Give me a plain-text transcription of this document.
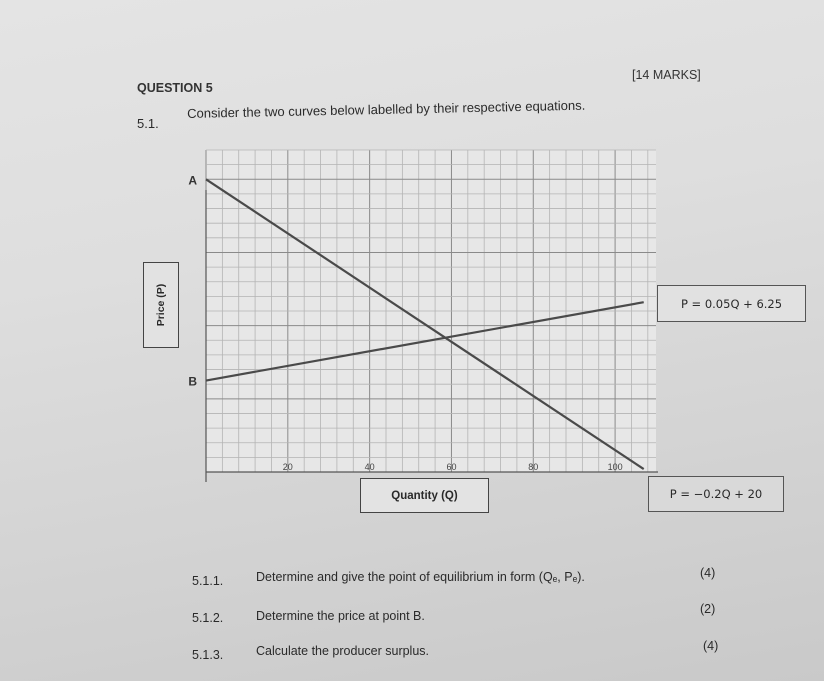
QUESTION 5
[14 MARKS]
5.1.
Consider the two curves below labelled by their respective equations.
20	40	60	80	100
A
B
Price (P)
Quantity (Q)
P = 0.05Q + 6.25
P = −0.2Q + 20
5.1.1.	Determine and give the point of equilibrium in form (Qₑ, Pₑ).	(4)
5.1.2.	Determine the price at point B.	(2)
5.1.3.	Calculate the producer surplus.	(4)
